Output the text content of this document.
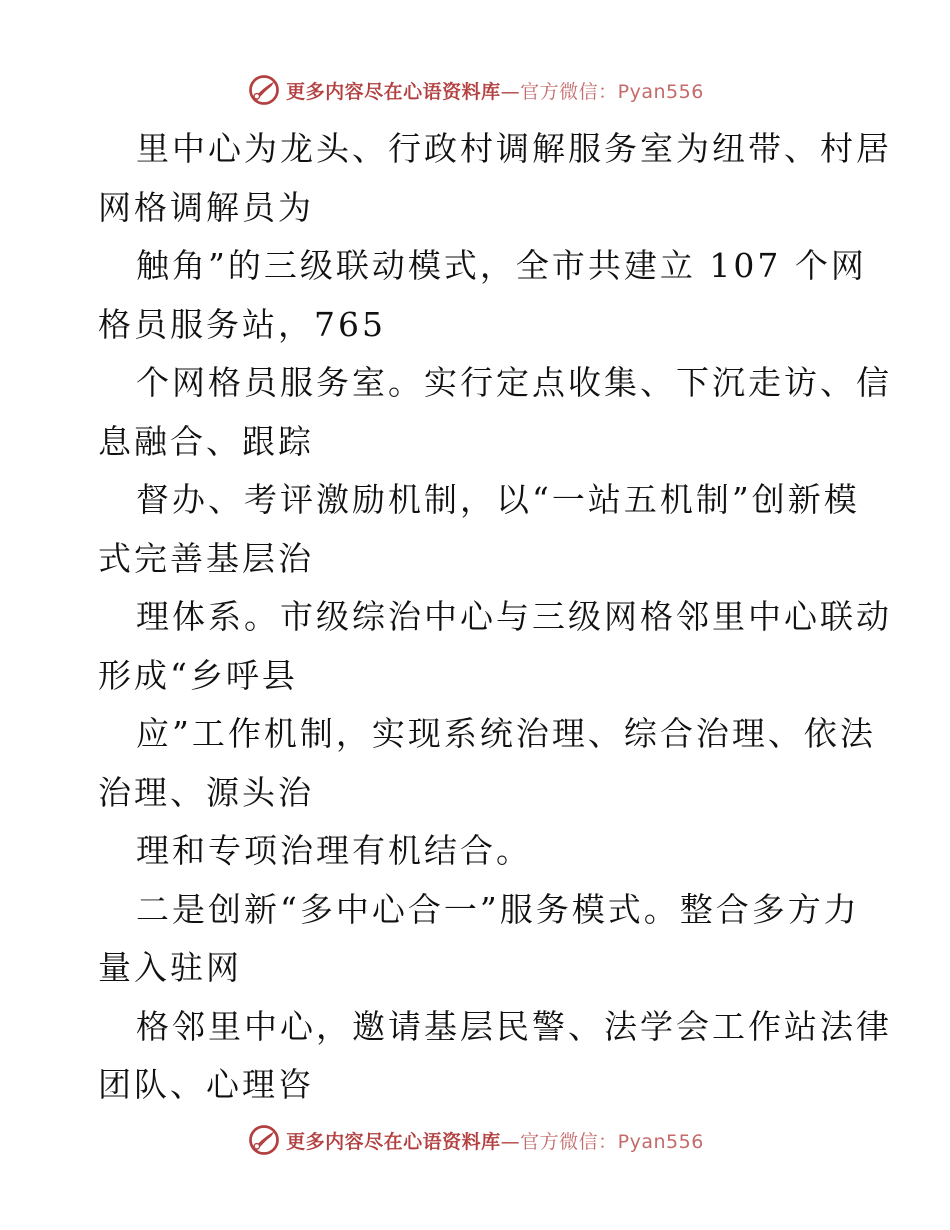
更多内容尽在心语资料库—官方微信：Pyan556
里中心为龙头、行政村调解服务室为纽带、村居
网格调解员为
触角”的三级联动模式，全市共建立 107 个网
格员服务站，765
个网格员服务室。实行定点收集、下沉走访、信
息融合、跟踪
督办、考评激励机制，以“一站五机制”创新模
式完善基层治
理体系。市级综治中心与三级网格邻里中心联动
形成“乡呼县
应”工作机制，实现系统治理、综合治理、依法
治理、源头治
理和专项治理有机结合。
二是创新“多中心合一”服务模式。整合多方力
量入驻网
格邻里中心，邀请基层民警、法学会工作站法律
团队、心理咨
更多内容尽在心语资料库—官方微信：Pyan556
